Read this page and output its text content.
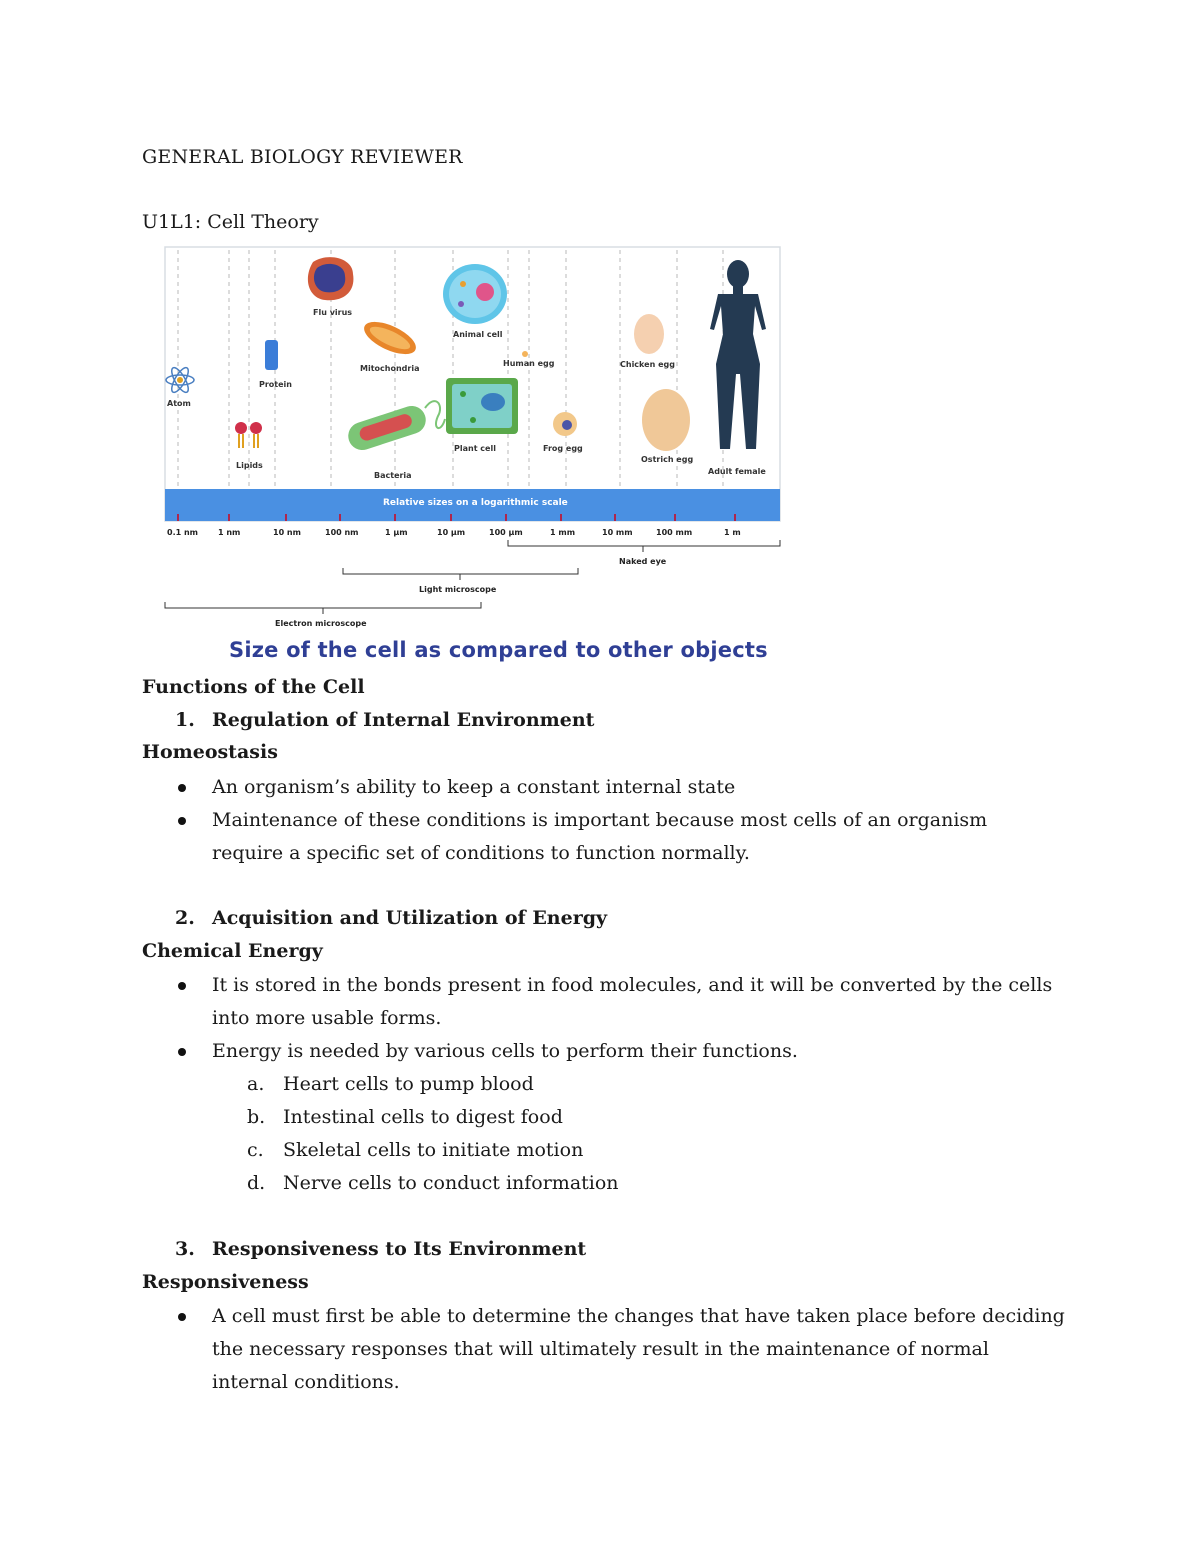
GENERAL BIOLOGY REVIEWER
U1L1: Cell Theory
Atom
Lipids
Protein
Flu virus
Mitochondria
Bacteria
Animal cell
Plant cell
Human egg
Frog egg
Chicken egg
Ostrich egg
Adult female
Relative sizes on a logarithmic scale
0.1 nm	1 nm	10 nm	100 nm	1 μm	10 μm	100 μm	1 mm	10 mm	100 mm	1 m
Naked eye
Light microscope
Electron microscope
Size of the cell as compared to other objects
Functions of the Cell
1. Regulation of Internal Environment
Homeostasis
An organism’s ability to keep a constant internal state
Maintenance of these conditions is important because most cells of an organism
require a specific set of conditions to function normally.
2. Acquisition and Utilization of Energy
Chemical Energy
It is stored in the bonds present in food molecules, and it will be converted by the cells
into more usable forms.
Energy is needed by various cells to perform their functions.
a. Heart cells to pump blood
b. Intestinal cells to digest food
c. Skeletal cells to initiate motion
d. Nerve cells to conduct information
3. Responsiveness to Its Environment
Responsiveness
A cell must first be able to determine the changes that have taken place before deciding
the necessary responses that will ultimately result in the maintenance of normal
internal conditions.
